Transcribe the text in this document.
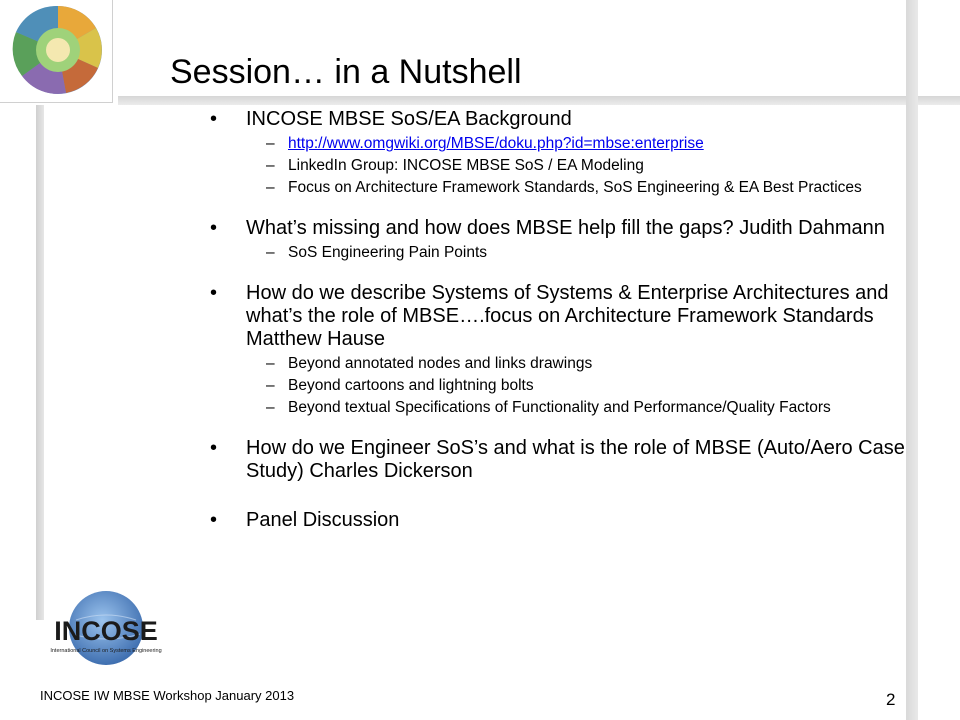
Session… in a Nutshell
• INCOSE MBSE SoS/EA Background
– http://www.omgwiki.org/MBSE/doku.php?id=mbse:enterprise
– LinkedIn Group: INCOSE MBSE SoS / EA Modeling
– Focus on Architecture Framework Standards, SoS Engineering & EA Best Practices
• What’s missing and how does MBSE help fill the gaps? Judith Dahmann
– SoS Engineering Pain Points
• How do we describe Systems of Systems & Enterprise Architectures and what’s the role of MBSE….focus on Architecture Framework Standards Matthew Hause
– Beyond annotated nodes and links drawings
– Beyond cartoons and lightning bolts
– Beyond textual Specifications of Functionality and Performance/Quality Factors
• How do we Engineer SoS’s and what is the role of MBSE (Auto/Aero Case Study) Charles Dickerson
• Panel Discussion
INCOSE
International Council on Systems Engineering
INCOSE IW MBSE Workshop January 2013	2
